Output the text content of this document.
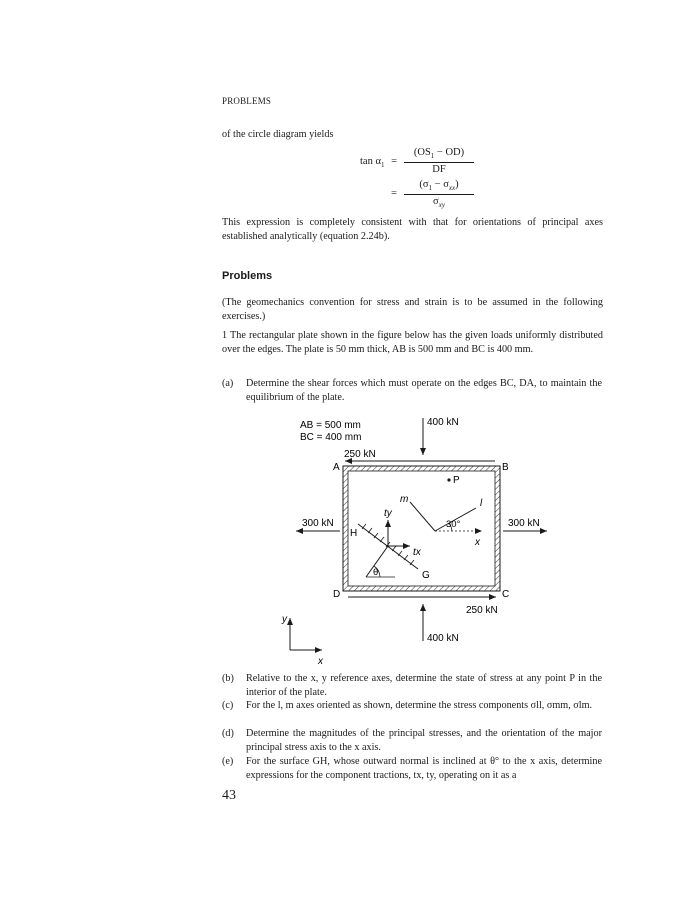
PROBLEMS
of the circle diagram yields
$\tan \alpha_1$ =
$(OS_1 - OD)$
DF
=
$(\sigma_1 - \sigma_{xx})$
$\sigma_{xy}$
This expression is completely consistent with that for orientations of principal axes established analytically (equation 2.24b).
Problems
(The geomechanics convention for stress and strain is to be assumed in the following exercises.)
1 The rectangular plate shown in the figure below has the given loads uniformly distributed over the edges. The plate is 50 mm thick, AB is 500 mm and BC is 400 mm.
(a) Determine the shear forces which must operate on the edges BC, DA, to maintain the equilibrium of the plate.
AB = 500 mm
BC = 400 mm
400 kN
250 kN
A	B
C
D
P
m	l
x
30°
H
G
ty
tx
θ
300 kN	300 kN
250 kN
400 kN
y
x
(b) Relative to the x, y reference axes, determine the state of stress at any point P in the interior of the plate.
(c) For the l, m axes oriented as shown, determine the stress components σll, σmm, σlm.
(d) Determine the magnitudes of the principal stresses, and the orientation of the major principal stress axis to the x axis.
(e) For the surface GH, whose outward normal is inclined at θ° to the x axis, determine expressions for the component tractions, tx, ty, operating on it as a
43
